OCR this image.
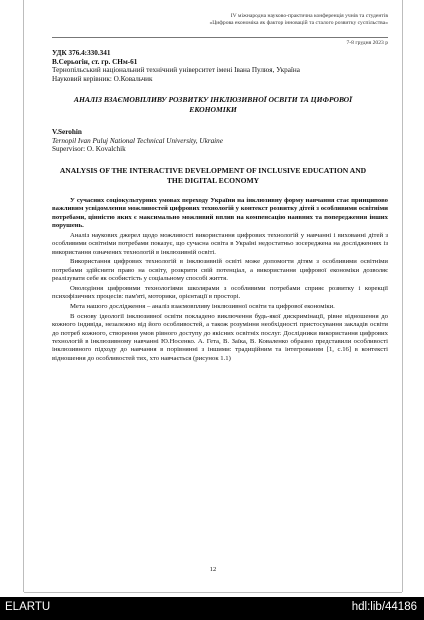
IV міжнародна науково-практична конференція учнів та студентів
«Цифрова економіка як фактор інновацій та сталого розвитку суспільства»
7-8 грудня 2023 р
УДК 376.4:330.341
В.Серьогін, ст. гр. СНм-61
Тернопільський національний технічний університет імені Івана Пулюя, Україна
Науковий керівник: О.Ковальчик
АНАЛІЗ ВЗАЄМОВПЛИВУ РОЗВИТКУ ІНКЛЮЗИВНОЇ ОСВІТИ ТА ЦИФРОВОЇ ЕКОНОМІКИ
V.Serohin
Ternopil Ivan Puluj National Technical University, Ukraine
Supervisor: O. Kovalchik
ANALYSIS OF THE INTERACTIVE DEVELOPMENT OF INCLUSIVE EDUCATION AND THE DIGITAL ECONOMY

У сучасних соціокультурних умовах переходу України на інклюзивну форму навчання стає принципово важливим усвідомлення можливостей цифрових технологій у контекст розвитку дітей з особливими освітніми потребами, цінністю яких є максимально можливий вплив на компенсацію наявних та попередження інших порушень.

Аналіз наукових джерел щодо можливості використання цифрових технологій у навчанні і вихованні дітей з особливими освітніми потребами показує, що сучасна освіта в Україні недостатньо зосереджена на дослідженнях із використання означених технологій в інклюзивній освіті.

Використання цифрових технологій в інклюзивній освіті може допомогти дітям з особливими освітніми потребами здійснити право на освіту, розкрити свій потенціал, а використання цифрової економіки дозволяє реалізувати себе як особистість у соціальному способі життя.

Оволодіння цифровими технологіями школярами з особливими потребами сприяє розвитку і корекції психофізичних процесів: пам'яті, моторики, орієнтації в просторі.

Мета нашого дослідження – аналіз взаємовпливу інклюзивної освіти та цифрової економіки.

В основу ідеології інклюзивної освіти покладено виключення будь-якої дискримінації, рівне відношення до кожного індивіда, незалежно від його особливостей, а також розуміння необхідності пристосування закладів освіти до потреб кожного, створення умов рівного доступу до якісних освітніх послуг. Дослідники використання цифрових технологій в інклюзивному навчанні Ю.Носенко. А. Гета, В. Заїка, В. Коваленко образно представили особливості інклюзивного підходу до навчання в порівнянні з іншими: традиційним та інтегрованим [1, с.16] в контексті відношення до особливостей тих, хто навчається (рисунок 1.1)

12
ELARTU	hdl:lib/44186
